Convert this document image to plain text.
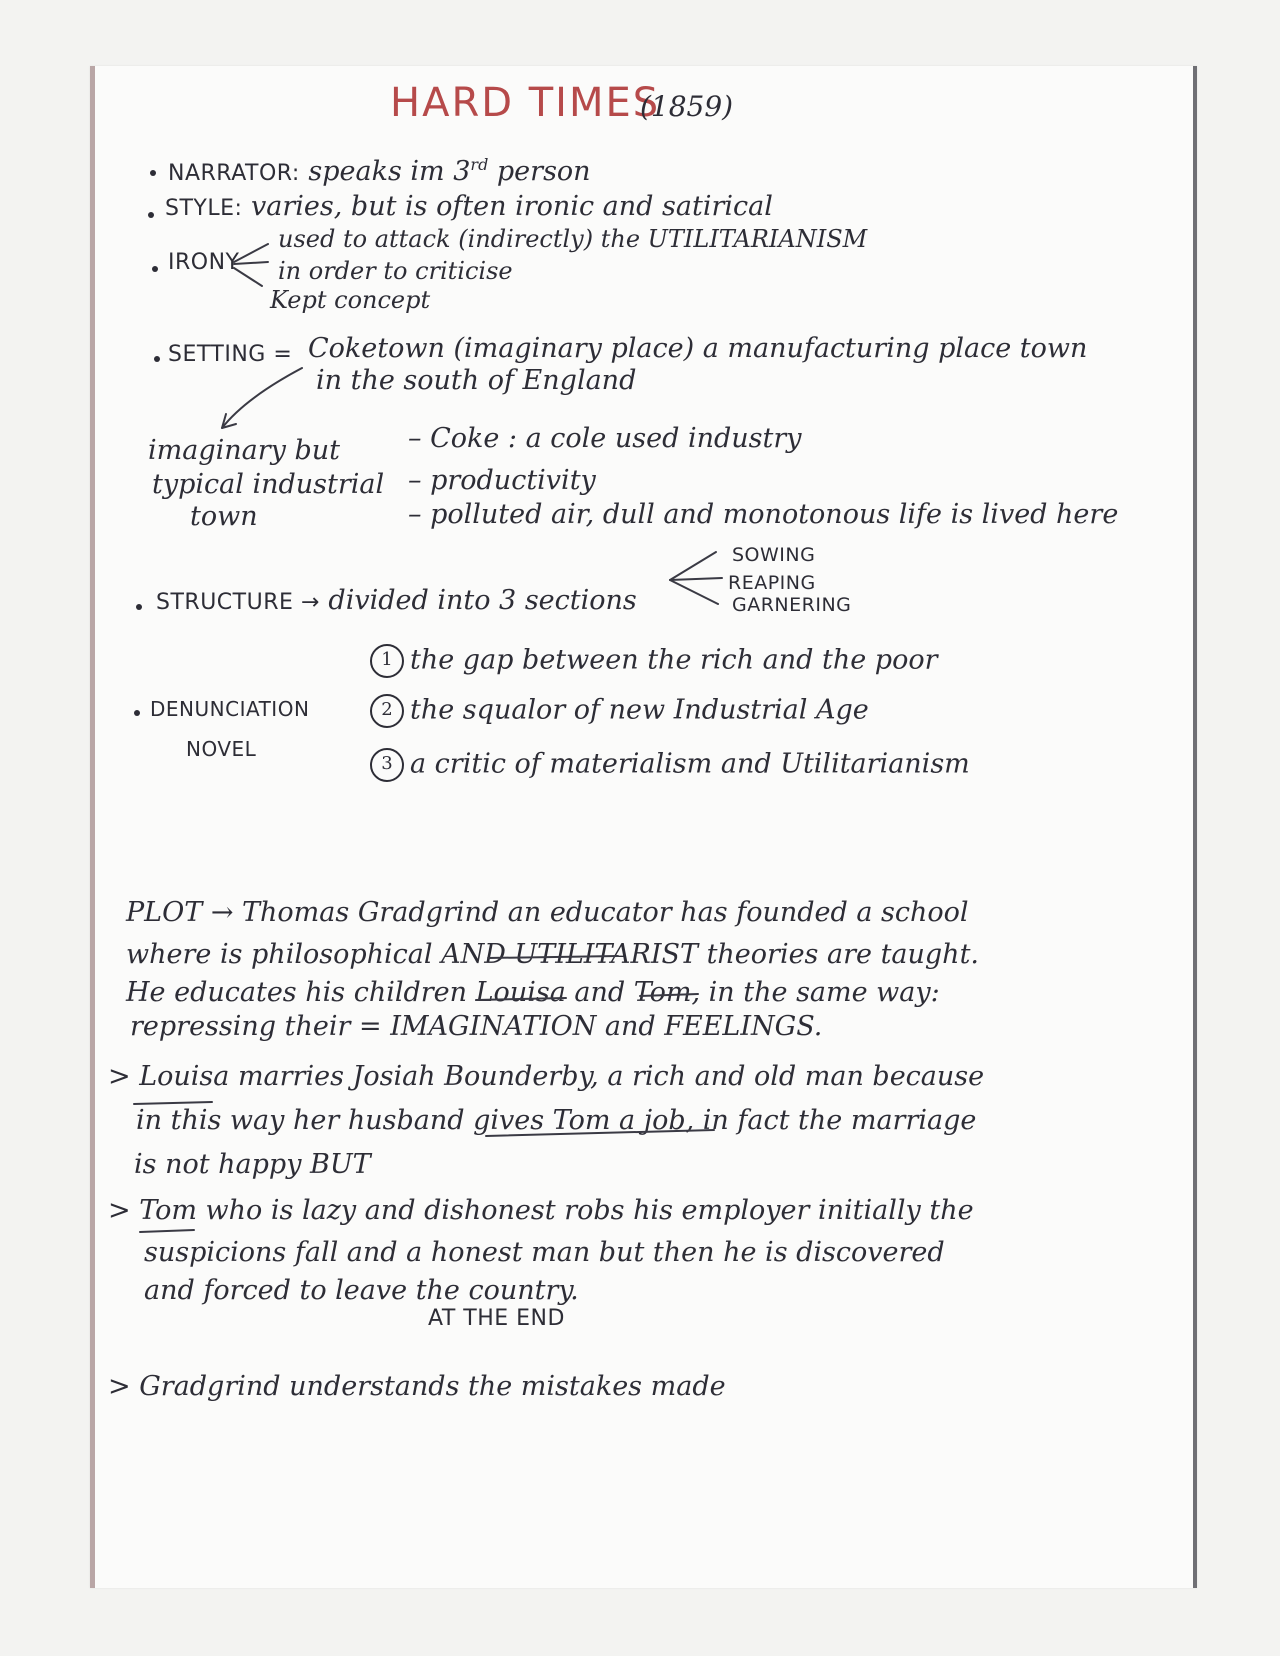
HARD TIMES
(1859)
NARRATOR: speaks im 3rd person
STYLE: varies, but is often ironic and satirical
IRONY
used to attack (indirectly) the UTILITARIANISM
in order to criticise
Kept concept
SETTING = Coketown (imaginary place) a manufacturing place town
in the south of England
imaginary but
typical industrial
town
– Coke : a cole used industry
– productivity
– polluted air, dull and monotonous life is lived here
STRUCTURE → divided into 3 sections
SOWING
REAPING
GARNERING
DENUNCIATION
NOVEL
1 the gap between the rich and the poor
2 the squalor of new Industrial Age
3 a critic of materialism and Utilitarianism
PLOT → Thomas Gradgrind an educator has founded a school
where is philosophical AND UTILITARIST theories are taught.
He educates his children Louisa and Tom, in the same way:
repressing their = IMAGINATION and FEELINGS.
> Louisa marries Josiah Bounderby, a rich and old man because
in this way her husband gives Tom a job, in fact the marriage
is not happy BUT
> Tom who is lazy and dishonest robs his employer initially the
suspicions fall and a honest man but then he is discovered
and forced to leave the country.
AT THE END
> Gradgrind understands the mistakes made
